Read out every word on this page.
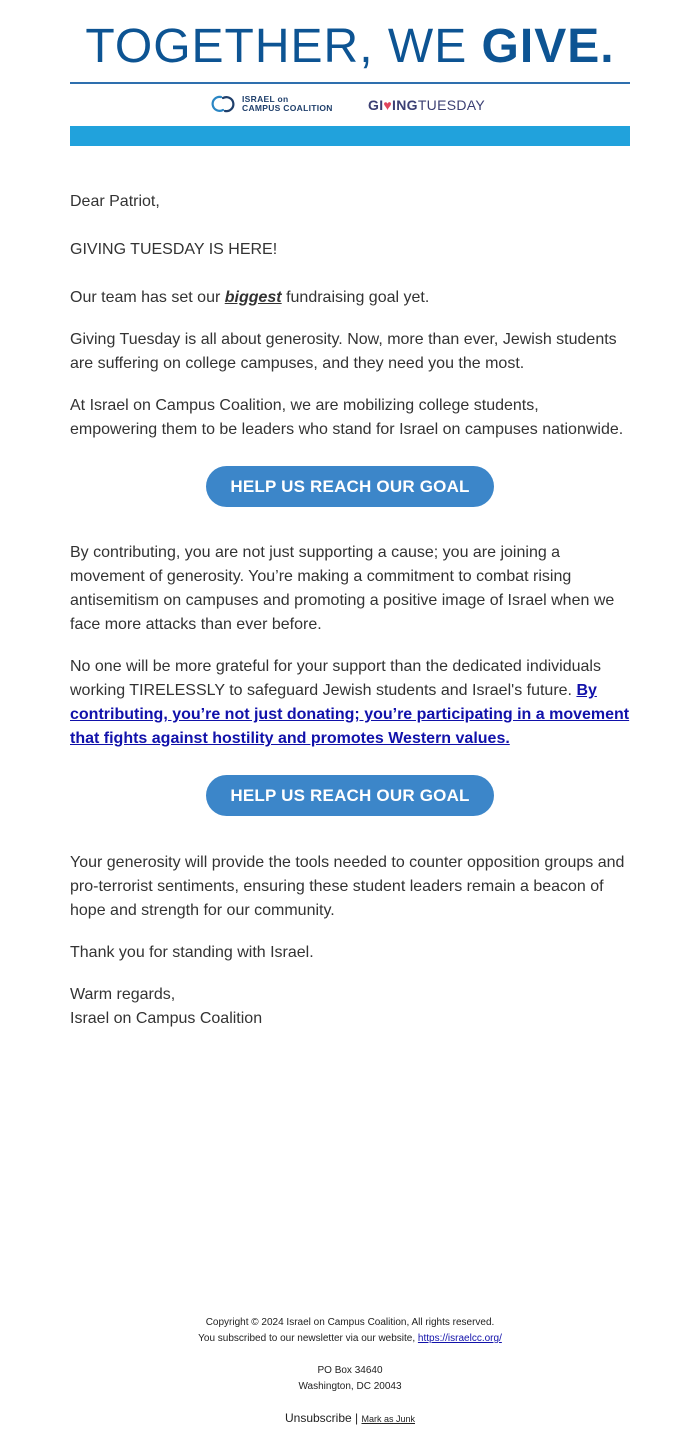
TOGETHER, WE GIVE.
ISRAEL on
CAMPUS COALITION	GI♥INGTUESDAY

Dear Patriot,

GIVING TUESDAY IS HERE!

Our team has set our biggest fundraising goal yet.

Giving Tuesday is all about generosity. Now, more than ever, Jewish students are suffering on college campuses, and they need you the most.

At Israel on Campus Coalition, we are mobilizing college students, empowering them to be leaders who stand for Israel on campuses nationwide.

HELP US REACH OUR GOAL

By contributing, you are not just supporting a cause; you are joining a movement of generosity. You’re making a commitment to combat rising antisemitism on campuses and promoting a positive image of Israel when we face more attacks than ever before.

No one will be more grateful for your support than the dedicated individuals working TIRELESSLY to safeguard Jewish students and Israel's future. By contributing, you’re not just donating; you’re participating in a movement that fights against hostility and promotes Western values.

HELP US REACH OUR GOAL

Your generosity will provide the tools needed to counter opposition groups and pro-terrorist sentiments, ensuring these student leaders remain a beacon of hope and strength for our community.

Thank you for standing with Israel.

Warm regards,

Israel on Campus Coalition

Copyright © 2024 Israel on Campus Coalition, All rights reserved.
You subscribed to our newsletter via our website, https://israelcc.org/
PO Box 34640
Washington, DC 20043
Unsubscribe | Mark as Junk
